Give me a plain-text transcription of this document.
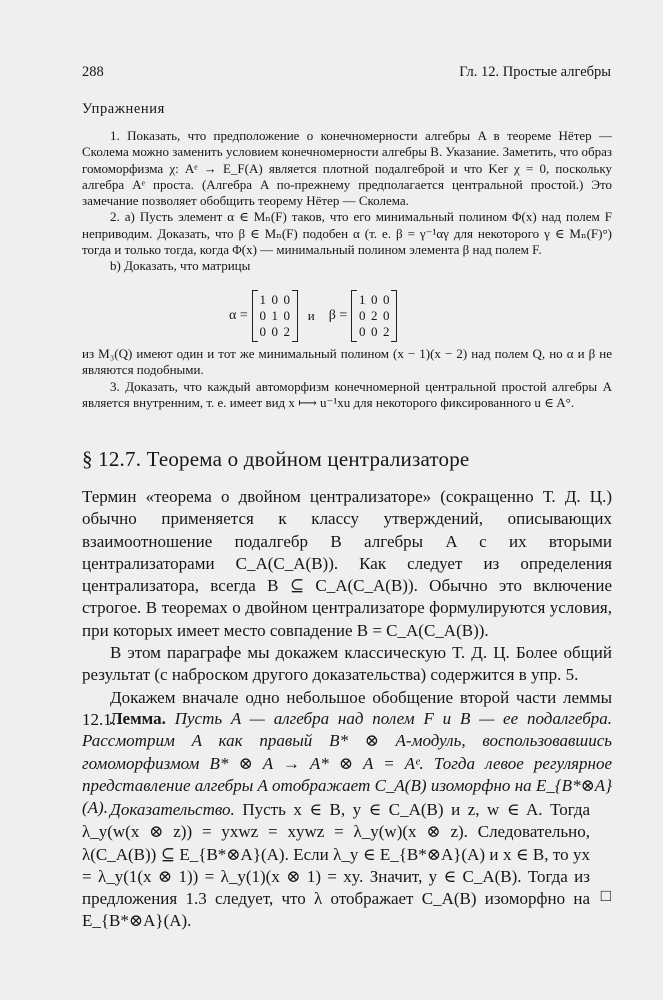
288	Гл. 12. Простые алгебры
Упражнения

1. Показать, что предположение о конечномерности алгебры A в теореме Нётер — Сколема можно заменить условием конечномерности алгебры B. Указание. Заметить, что образ гомоморфизма χ: Aᵉ → E_F(A) является плотной подалгеброй и что Ker χ = 0, поскольку алгебра Aᵉ проста. (Алгебра A по-прежнему предполагается центральной простой.) Это замечание позволяет обобщить теорему Нётер — Сколема.

2. a) Пусть элемент α ∈ Mₙ(F) таков, что его минимальный полином Φ(x) над полем F неприводим. Доказать, что β ∈ Mₙ(F) подобен α (т. е. β = γ⁻¹αγ для некоторого γ ∈ Mₙ(F)°) тогда и только тогда, когда Φ(x) — минимальный полином элемента β над полем F.

b) Доказать, что матрицы

α =
1 0 0
0 1 0
0 0 2
и	β =
1 0 0
0 2 0
0 0 2

из M₃(Q) имеют один и тот же минимальный полином (x − 1)(x − 2) над полем Q, но α и β не являются подобными.

3. Доказать, что каждый автоморфизм конечномерной центральной простой алгебры A является внутренним, т. е. имеет вид x ⟼ u⁻¹xu для некоторого фиксированного u ∈ A°.

§ 12.7. Теорема о двойном централизаторе

Термин «теорема о двойном централизаторе» (сокращенно Т. Д. Ц.) обычно применяется к классу утверждений, описывающих взаимоотношение подалгебр B алгебры A с их вторыми централизаторами C_A(C_A(B)). Как следует из определения централизатора, всегда B ⊆ C_A(C_A(B)). Обычно это включение строгое. В теоремах о двойном централизаторе формулируются условия, при которых имеет место совпадение B = C_A(C_A(B)).

В этом параграфе мы докажем классическую Т. Д. Ц. Более общий результат (с наброском другого доказательства) содержится в упр. 5.

Докажем вначале одно небольшое обобщение второй части леммы 12.1.

Лемма. Пусть A — алгебра над полем F и B — ее подалгебра. Рассмотрим A как правый B* ⊗ A-модуль, воспользовавшись гомоморфизмом B* ⊗ A → A* ⊗ A = Aᵉ. Тогда левое регулярное представление алгебры A отображает C_A(B) изоморфно на E_{B*⊗A}(A). Доказательство. Пусть x ∈ B, y ∈ C_A(B) и z, w ∈ A. Тогда λ_y(w(x ⊗ z)) = yxwz = xywz = λ_y(w)(x ⊗ z). Следовательно, λ(C_A(B)) ⊆ E_{B*⊗A}(A). Если λ_y ∈ E_{B*⊗A}(A) и x ∈ B, то yx = λ_y(1(x ⊗ 1)) = λ_y(1)(x ⊗ 1) = xy. Значит, y ∈ C_A(B). Тогда из предложения 1.3 следует, что λ отображает C_A(B) изоморфно на E_{B*⊗A}(A).

□
